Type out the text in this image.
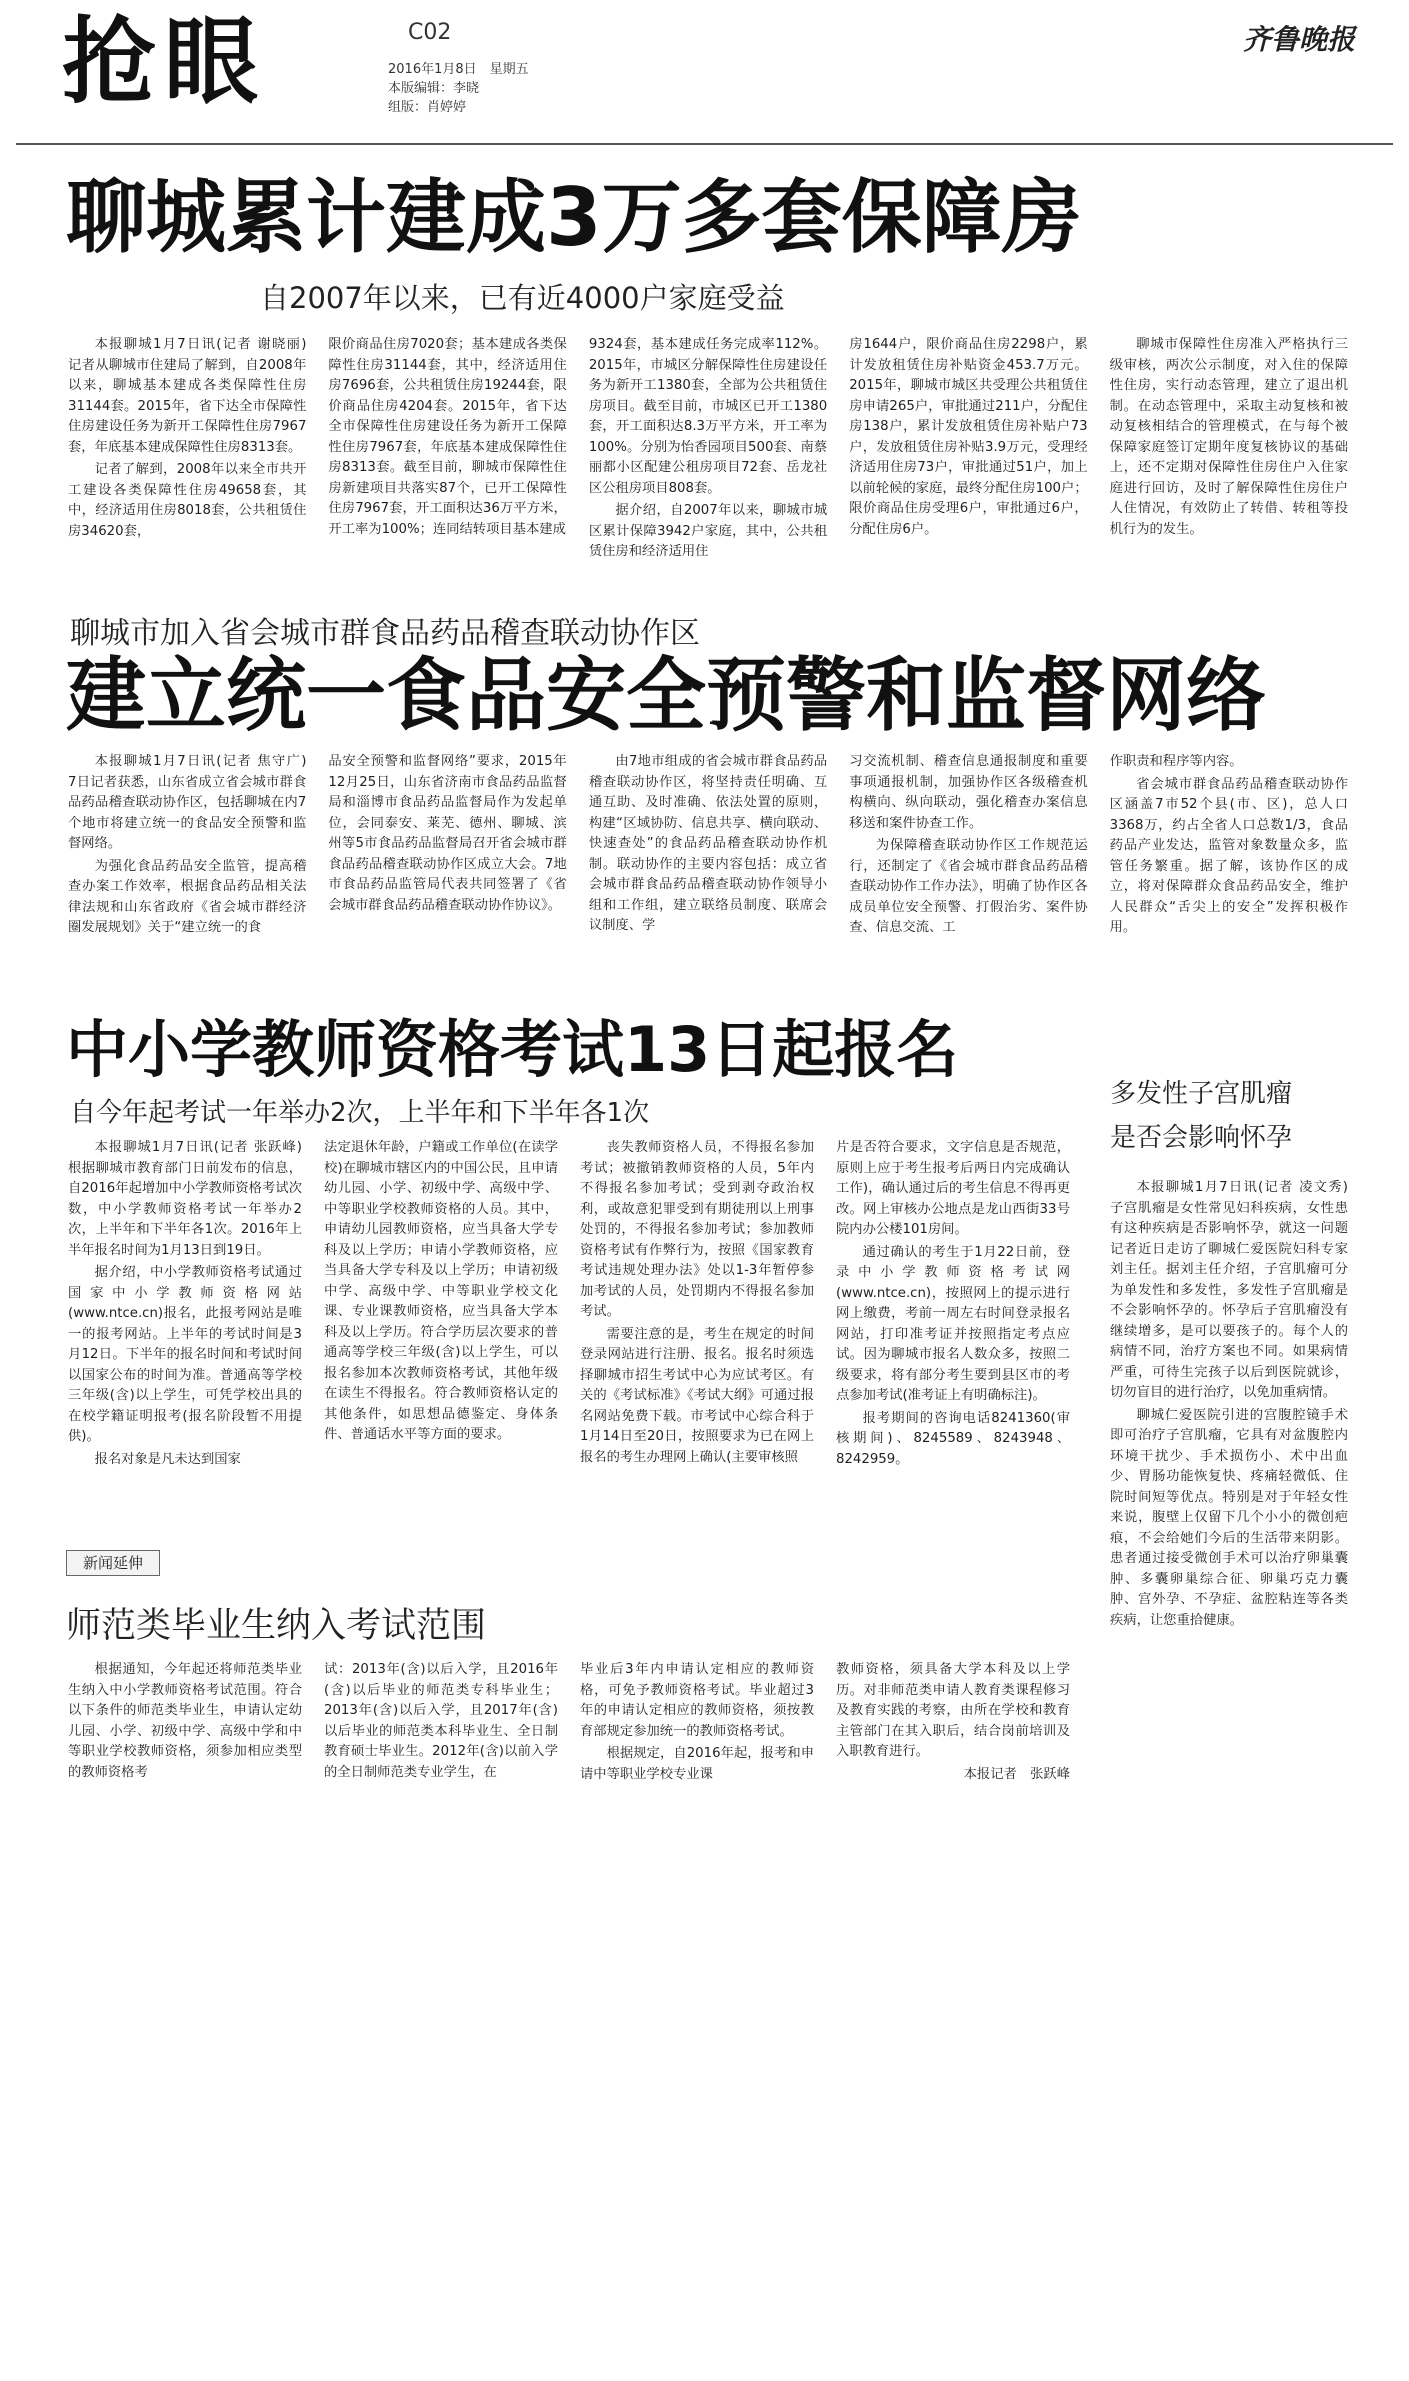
抢眼	C02
2016年1月8日　星期五
本版编辑：李晓
组版：肖婷婷
齐鲁晚报
聊城累计建成3万多套保障房
自2007年以来，已有近4000户家庭受益

本报聊城1月7日讯(记者 谢晓丽)　记者从聊城市住建局了解到，自2008年以来，聊城基本建成各类保障性住房31144套。2015年，省下达全市保障性住房建设任务为新开工保障性住房7967套，年底基本建成保障性住房8313套。

记者了解到，2008年以来全市共开工建设各类保障性住房49658套，其中，经济适用住房8018套，公共租赁住房34620套，

限价商品住房7020套；基本建成各类保障性住房31144套，其中，经济适用住房7696套，公共租赁住房19244套，限价商品住房4204套。2015年，省下达全市保障性住房建设任务为新开工保障性住房7967套，年底基本建成保障性住房8313套。截至目前，聊城市保障性住房新建项目共落实87个，已开工保障性住房7967套，开工面积达36万平方米，开工率为100%；连同结转项目基本建成

9324套，基本建成任务完成率112%。2015年，市城区分解保障性住房建设任务为新开工1380套，全部为公共租赁住房项目。截至目前，市城区已开工1380套，开工面积达8.3万平方米，开工率为100%。分别为怡香园项目500套、南蔡丽都小区配建公租房项目72套、岳龙社区公租房项目808套。

据介绍，自2007年以来，聊城市城区累计保障3942户家庭，其中，公共租赁住房和经济适用住

房1644户，限价商品住房2298户，累计发放租赁住房补贴资金453.7万元。2015年，聊城市城区共受理公共租赁住房申请265户，审批通过211户，分配住房138户，累计发放租赁住房补贴户73户，发放租赁住房补贴3.9万元，受理经济适用住房73户，审批通过51户，加上以前轮候的家庭，最终分配住房100户；限价商品住房受理6户，审批通过6户，分配住房6户。

聊城市保障性住房准入严格执行三级审核，两次公示制度，对入住的保障性住房，实行动态管理，建立了退出机制。在动态管理中，采取主动复核和被动复核相结合的管理模式，在与每个被保障家庭签订定期年度复核协议的基础上，还不定期对保障性住房住户入住家庭进行回访，及时了解保障性住房住户人住情况，有效防止了转借、转租等投机行为的发生。

聊城市加入省会城市群食品药品稽查联动协作区
建立统一食品安全预警和监督网络

本报聊城1月7日讯(记者 焦守广)　7日记者获悉，山东省成立省会城市群食品药品稽查联动协作区，包括聊城在内7个地市将建立统一的食品安全预警和监督网络。

为强化食品药品安全监管，提高稽查办案工作效率，根据食品药品相关法律法规和山东省政府《省会城市群经济圈发展规划》关于“建立统一的食

品安全预警和监督网络”要求，2015年12月25日，山东省济南市食品药品监督局和淄博市食品药品监督局作为发起单位，会同泰安、莱芜、德州、聊城、滨州等5市食品药品监督局召开省会城市群食品药品稽查联动协作区成立大会。7地市食品药品监管局代表共同签署了《省会城市群食品药品稽查联动协作协议》。

由7地市组成的省会城市群食品药品稽查联动协作区，将坚持责任明确、互通互助、及时准确、依法处置的原则，构建“区域协防、信息共享、横向联动、快速查处”的食品药品稽查联动协作机制。联动协作的主要内容包括：成立省会城市群食品药品稽查联动协作领导小组和工作组，建立联络员制度、联席会议制度、学

习交流机制、稽查信息通报制度和重要事项通报机制，加强协作区各级稽查机构横向、纵向联动，强化稽查办案信息移送和案件协查工作。

为保障稽查联动协作区工作规范运行，还制定了《省会城市群食品药品稽查联动协作工作办法》，明确了协作区各成员单位安全预警、打假治劣、案件协查、信息交流、工

作职责和程序等内容。

省会城市群食品药品稽查联动协作区涵盖7市52个县(市、区)，总人口3368万，约占全省人口总数1/3，食品药品产业发达，监管对象数量众多，监管任务繁重。据了解，该协作区的成立，将对保障群众食品药品安全，维护人民群众“舌尖上的安全”发挥积极作用。

中小学教师资格考试13日起报名
自今年起考试一年举办2次，上半年和下半年各1次

本报聊城1月7日讯(记者 张跃峰)　根据聊城市教育部门日前发布的信息，自2016年起增加中小学教师资格考试次数，中小学教师资格考试一年举办2次，上半年和下半年各1次。2016年上半年报名时间为1月13日到19日。

据介绍，中小学教师资格考试通过国家中小学教师资格网站(www.ntce.cn)报名，此报考网站是唯一的报考网站。上半年的考试时间是3月12日。下半年的报名时间和考试时间以国家公布的时间为准。普通高等学校三年级(含)以上学生，可凭学校出具的在校学籍证明报考(报名阶段暂不用提供)。

报名对象是凡未达到国家

法定退休年龄，户籍或工作单位(在读学校)在聊城市辖区内的中国公民，且申请幼儿园、小学、初级中学、高级中学、中等职业学校教师资格的人员。其中，申请幼儿园教师资格，应当具备大学专科及以上学历；申请小学教师资格，应当具备大学专科及以上学历；申请初级中学、高级中学、中等职业学校文化课、专业课教师资格，应当具备大学本科及以上学历。符合学历层次要求的普通高等学校三年级(含)以上学生，可以报名参加本次教师资格考试，其他年级在读生不得报名。符合教师资格认定的其他条件，如思想品德鉴定、身体条件、普通话水平等方面的要求。

丧失教师资格人员，不得报名参加考试；被撤销教师资格的人员，5年内不得报名参加考试；受到剥夺政治权利，或故意犯罪受到有期徒刑以上刑事处罚的，不得报名参加考试；参加教师资格考试有作弊行为，按照《国家教育考试违规处理办法》处以1-3年暂停参加考试的人员，处罚期内不得报名参加考试。

需要注意的是，考生在规定的时间登录网站进行注册、报名。报名时须选择聊城市招生考试中心为应试考区。有关的《考试标准》《考试大纲》可通过报名网站免费下载。市考试中心综合科于1月14日至20日，按照要求为已在网上报名的考生办理网上确认(主要审核照

片是否符合要求，文字信息是否规范，原则上应于考生报考后两日内完成确认工作)，确认通过后的考生信息不得再更改。网上审核办公地点是龙山西街33号院内办公楼101房间。

通过确认的考生于1月22日前，登录中小学教师资格考试网(www.ntce.cn)，按照网上的提示进行网上缴费，考前一周左右时间登录报名网站，打印准考证并按照指定考点应试。因为聊城市报名人数众多，按照二级要求，将有部分考生要到县区市的考点参加考试(准考证上有明确标注)。

报考期间的咨询电话8241360(审核期间)、8245589、8243948、8242959。

多发性子宫肌瘤
是否会影响怀孕

本报聊城1月7日讯(记者 凌文秀)　子宫肌瘤是女性常见妇科疾病，女性患有这种疾病是否影响怀孕，就这一问题记者近日走访了聊城仁爱医院妇科专家刘主任。据刘主任介绍，子宫肌瘤可分为单发性和多发性，多发性子宫肌瘤是不会影响怀孕的。怀孕后子宫肌瘤没有继续增多，是可以要孩子的。每个人的病情不同，治疗方案也不同。如果病情严重，可待生完孩子以后到医院就诊，切勿盲目的进行治疗，以免加重病情。

聊城仁爱医院引进的宫腹腔镜手术即可治疗子宫肌瘤，它具有对盆腹腔内环境干扰少、手术损伤小、术中出血少、胃肠功能恢复快、疼痛轻微低、住院时间短等优点。特别是对于年轻女性来说，腹壁上仅留下几个小小的微创疤痕，不会给她们今后的生活带来阴影。患者通过接受微创手术可以治疗卵巢囊肿、多囊卵巢综合征、卵巢巧克力囊肿、宫外孕、不孕症、盆腔粘连等各类疾病，让您重拾健康。

新闻延伸
师范类毕业生纳入考试范围

根据通知，今年起还将师范类毕业生纳入中小学教师资格考试范围。符合以下条件的师范类毕业生，申请认定幼儿园、小学、初级中学、高级中学和中等职业学校教师资格，须参加相应类型的教师资格考

试：2013年(含)以后入学，且2016年(含)以后毕业的师范类专科毕业生；2013年(含)以后入学，且2017年(含)以后毕业的师范类本科毕业生、全日制教育硕士毕业生。2012年(含)以前入学的全日制师范类专业学生，在

毕业后3年内申请认定相应的教师资格，可免予教师资格考试。毕业超过3年的申请认定相应的教师资格，须按教育部规定参加统一的教师资格考试。

根据规定，自2016年起，报考和申请中等职业学校专业课

教师资格，须具备大学本科及以上学历。对非师范类申请人教育类课程修习及教育实践的考察，由所在学校和教育主管部门在其入职后，结合岗前培训及入职教育进行。

本报记者　张跃峰
